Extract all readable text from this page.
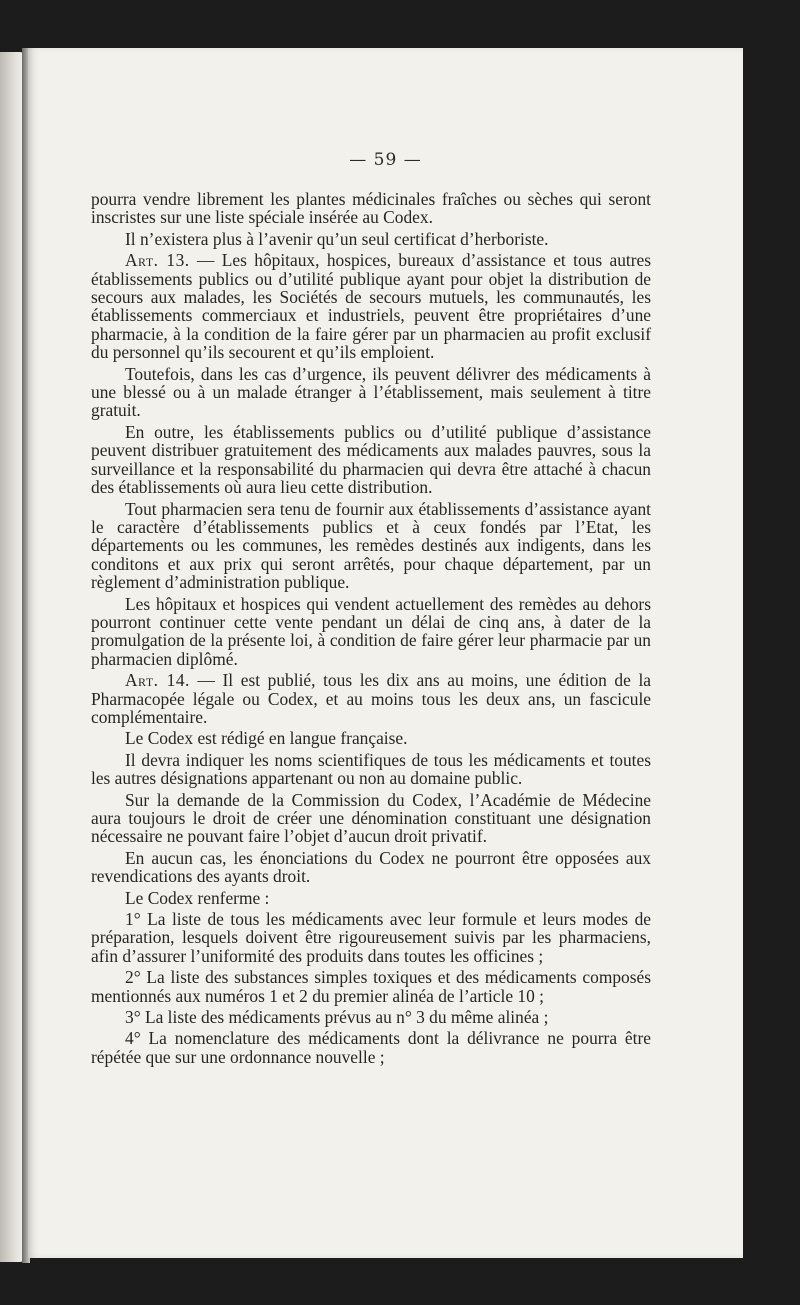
— 59 —

pourra vendre librement les plantes médicinales fraîches ou sèches qui seront inscristes sur une liste spéciale insérée au Codex.

Il n’existera plus à l’avenir qu’un seul certificat d’herboriste.

Art. 13. — Les hôpitaux, hospices, bureaux d’assistance et tous autres établissements publics ou d’utilité publique ayant pour objet la distribution de secours aux malades, les Sociétés de secours mutuels, les communautés, les établissements commerciaux et industriels, peuvent être propriétaires d’une pharmacie, à la condition de la faire gérer par un pharmacien au profit exclusif du personnel qu’ils secourent et qu’ils emploient.

Toutefois, dans les cas d’urgence, ils peuvent délivrer des médicaments à une blessé ou à un malade étranger à l’établissement, mais seulement à titre gratuit.

En outre, les établissements publics ou d’utilité publique d’assistance peuvent distribuer gratuitement des médicaments aux malades pauvres, sous la surveillance et la responsabilité du pharmacien qui devra être attaché à chacun des établissements où aura lieu cette distribution.

Tout pharmacien sera tenu de fournir aux établissements d’assistance ayant le caractère d’établissements publics et à ceux fondés par l’Etat, les départements ou les communes, les remèdes destinés aux indigents, dans les conditons et aux prix qui seront arrêtés, pour chaque département, par un règlement d’administration publique.

Les hôpitaux et hospices qui vendent actuellement des remèdes au dehors pourront continuer cette vente pendant un délai de cinq ans, à dater de la promulgation de la présente loi, à condition de faire gérer leur pharmacie par un pharmacien diplômé.

Art. 14. — Il est publié, tous les dix ans au moins, une édition de la Pharmacopée légale ou Codex, et au moins tous les deux ans, un fascicule complémentaire.

Le Codex est rédigé en langue française.

Il devra indiquer les noms scientifiques de tous les médicaments et toutes les autres désignations appartenant ou non au domaine public.

Sur la demande de la Commission du Codex, l’Académie de Médecine aura toujours le droit de créer une dénomination constituant une désignation nécessaire ne pouvant faire l’objet d’aucun droit privatif.

En aucun cas, les énonciations du Codex ne pourront être opposées aux revendications des ayants droit.

Le Codex renferme :

1° La liste de tous les médicaments avec leur formule et leurs modes de préparation, lesquels doivent être rigoureusement suivis par les pharmaciens, afin d’assurer l’uniformité des produits dans toutes les officines ;

2° La liste des substances simples toxiques et des médicaments composés mentionnés aux numéros 1 et 2 du premier alinéa de l’article 10 ;

3° La liste des médicaments prévus au n° 3 du même alinéa ;

4° La nomenclature des médicaments dont la délivrance ne pourra être répétée que sur une ordonnance nouvelle ;
